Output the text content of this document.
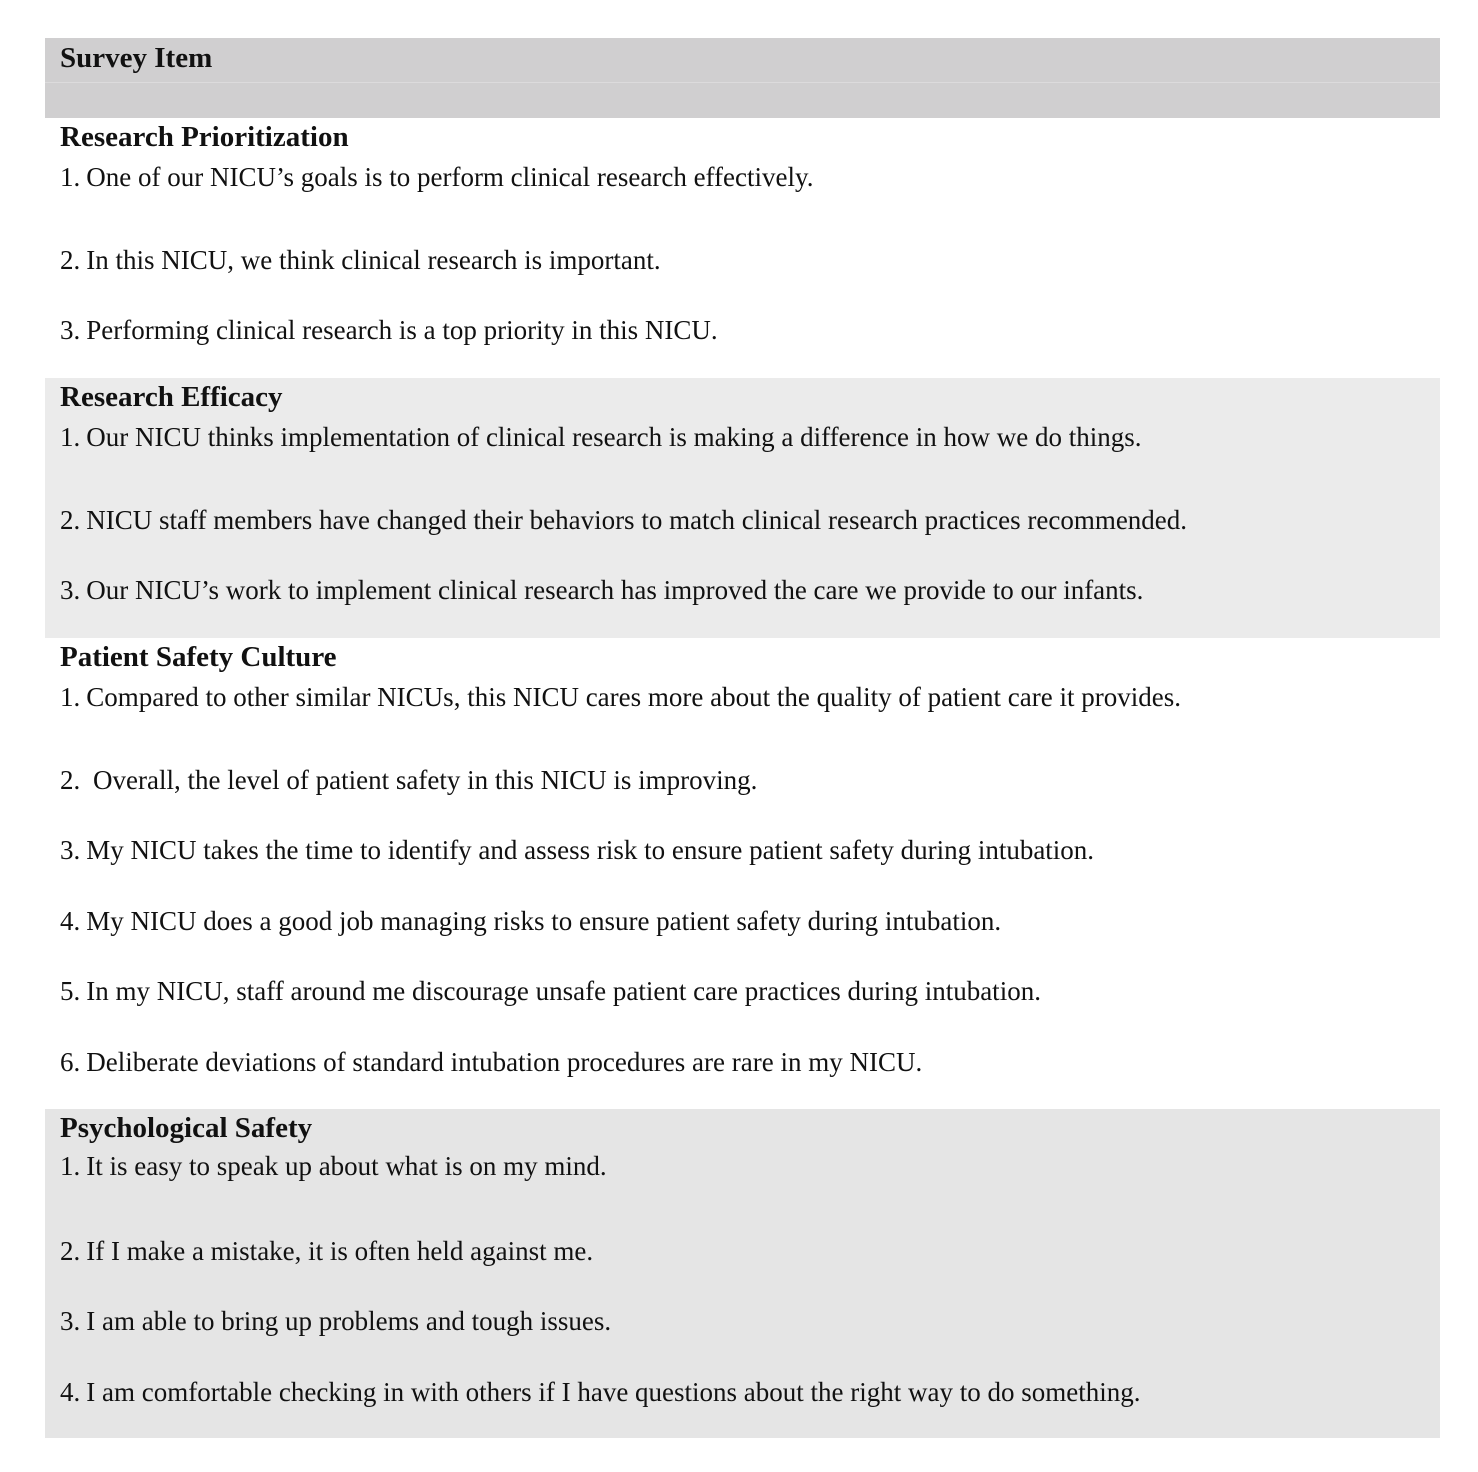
Survey Item
Research Prioritization
1. One of our NICU’s goals is to perform clinical research effectively.
2. In this NICU, we think clinical research is important.
3. Performing clinical research is a top priority in this NICU.
Research Efficacy
1. Our NICU thinks implementation of clinical research is making a difference in how we do things.
2. NICU staff members have changed their behaviors to match clinical research practices recommended.
3. Our NICU’s work to implement clinical research has improved the care we provide to our infants.
Patient Safety Culture
1. Compared to other similar NICUs, this NICU cares more about the quality of patient care it provides.
2. Overall, the level of patient safety in this NICU is improving.
3. My NICU takes the time to identify and assess risk to ensure patient safety during intubation.
4. My NICU does a good job managing risks to ensure patient safety during intubation.
5. In my NICU, staff around me discourage unsafe patient care practices during intubation.
6. Deliberate deviations of standard intubation procedures are rare in my NICU.
Psychological Safety
1. It is easy to speak up about what is on my mind.
2. If I make a mistake, it is often held against me.
3. I am able to bring up problems and tough issues.
4. I am comfortable checking in with others if I have questions about the right way to do something.
